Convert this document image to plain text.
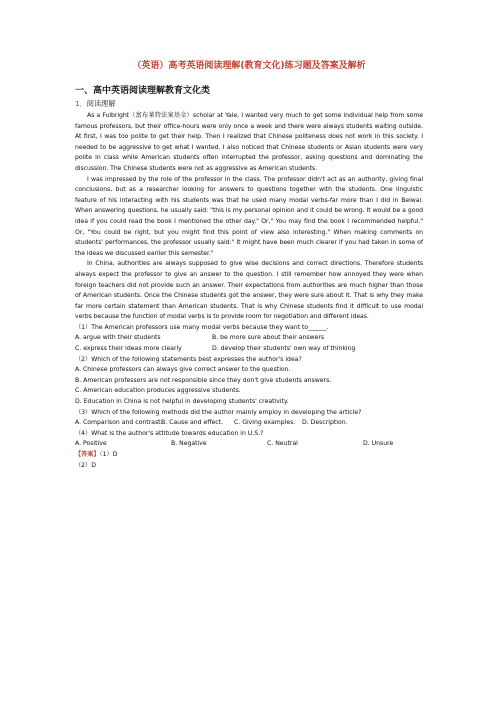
（英语）高考英语阅读理解(教育文化)练习题及答案及解析
一、高中英语阅读理解教育文化类
1．阅读理解

As a Fulbright（富布莱特法案基金）scholar at Yale, I wanted very much to get some individual help from some famous professors, but their office-hours were only once a week and there were always students waiting outside. At first, I was too polite to get their help. Then I realized that Chinese politeness does not work in this society. I needed to be aggressive to get what I wanted. I also noticed that Chinese students or Asian students were very polite in class while American students often interrupted the professor, asking questions and dominating the discussion. The Chinese students were not as aggressive as American students.

I was impressed by the role of the professor in the class. The professor didn't act as an authority, giving final conclusions, but as a researcher looking for answers to questions together with the students. One linguistic feature of his interacting with his students was that he used many modal verbs-far more than I did in Beiwai. When answering questions, he usually said: "this is my personal opinion and it could be wrong. It would be a good idea if you could read the book I mentioned the other day." Or," You may find the book I recommended helpful." Or, "You could be right, but you might find this point of view also interesting." When making comments on students' performances, the professor usually said:" It might have been much clearer if you had taken in some of the ideas we discussed earlier this semester."

In China, authorities are always supposed to give wise decisions and correct directions. Therefore students always expect the professor to give an answer to the question. I still remember how annoyed they were when foreign teachers did not provide such an answer. Their expectations from authorities are much higher than those of American students. Once the Chinese students got the answer, they were sure about it. That is why they make far more certain statement than American students. That is why Chinese students find it difficult to use modal verbs because the function of modal verbs is to provide room for negotiation and different ideas.

（1）The American professors use many modal verbs because they want to______.

A. argue with their students	B. be more sure about their answers
C. express their ideas more clearly	D. develop their students' own way of thinking

（2）Which of the following statements best expresses the author's idea?

A. Chinese professors can always give correct answer to the question.

B. American professors are not responsible since they don't give students answers.

C. American education produces aggressive students.

D. Education in China is not helpful in developing students' creativity.

（3）Which of the following methods did the author mainly employ in developing the article?

A. Comparison and contrast.
B. Cause and effect.	C. Giving examples.	D. Description.

（4）What is the author's attitude towards education in U.S.?

A. Positive	B. Negative	C. Neutral	D. Unsure

【答案】（1）D

（2）D
